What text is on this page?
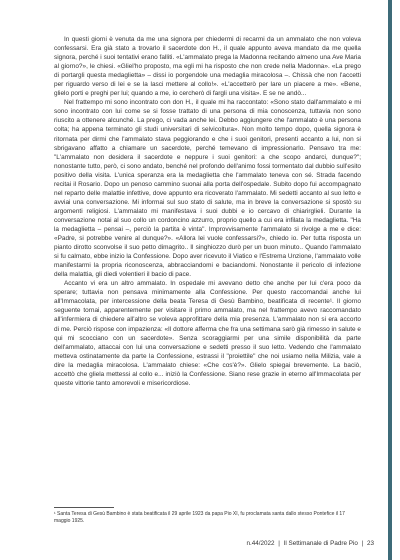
In questi giorni è venuta da me una signora per chiedermi di recarmi da un ammalato che non voleva confessarsi. Era già stato a trovarlo il sacerdote don H., il quale appunto aveva mandato da me quella signora, perché i suoi tentativi erano falliti. «L'ammalato prega la Madonna recitando almeno una Ave Maria al giorno?», le chiesi. «Gliel'ho proposto, ma egli mi ha risposto che non crede nella Madonna». «La prego di portargli questa medaglietta» – dissi io porgendole una medaglia miracolosa –. Chissà che non l'accetti per riguardo verso di lei e se la lasci mettere al collo!». «L'accetterò per lare un piacere a me». «Bene, glielo porti e preghi per lui; quando a me, io cercherò di fargli una visita». E se ne andò...

Nel frattempo mi sono incontrato con don H., il quale mi ha raccontato: «Sono stato dall'ammalato e mi sono incontrato con lui come se si fosse trattato di una persona di mia conoscenza, tuttavia non sono riuscito a ottenere alcunché. La prego, ci vada anche lei. Debbo aggiungere che l'ammalato è una persona colta; ha appena terminato gli studi universitari di selvicoltura». Non molto tempo dopo, quella signora è ritornata per dirmi che l'ammalato stava peggiorando e che i suoi genitori, presenti accanto a lui, non si sbrigavano affatto a chiamare un sacerdote, perché temevano di impressionarlo. Pensavo tra me: "L'ammalato non desidera il sacerdote e neppure i suoi genitori: a che scopo andarci, dunque?"; nonostante tutto, però, ci sono andato, benché nel profondo dell'animo fossi tormentato dal dubbio sull'esito positivo della visita. L'unica speranza era la medaglietta che l'ammalato teneva con sé. Strada facendo recitai il Rosario. Dopo un penoso cammino suonai alla porta dell'ospedale. Subito dopo fui accompagnato nel reparto delle malattie infettive, dove appunto era ricoverato l'ammalato. Mi sedetti accanto al suo letto e avviai una conversazione. Mi informai sul suo stato di salute, ma in breve la conversazione si spostò su argomenti religiosi. L'ammalato mi manifestava i suoi dubbi e io cercavo di chiarirglieli. Durante la conversazione notai al suo collo un cordoncino azzurro, proprio quello a cui era infilata la medaglietta. "Ha la medaglietta – pensai –, perciò la partita è vinta". Improvvisamente l'ammalato si rivolge a me e dice: «Padre, si potrebbe venire al dunque?». «Allora lei vuole confessarsi?», chiedo io. Per tutta risposta un pianto dirotto sconvolse il suo petto dimagrito.. Il singhiozzo durò per un buon minuto.. Quando l'ammalato si fu calmato, ebbe inizio la Confessione. Dopo aver ricevuto il Viatico e l'Estrema Unzione, l'ammalato volle manifestarmi la propria riconoscenza, abbracciandomi e baciandomi. Nonostante il pericolo di infezione della malattia, gli diedi volentieri il bacio di pace.

Accanto vi era un altro ammalato. In ospedale mi avevano detto che anche per lui c'era poco da sperare; tuttavia non pensava minimamente alla Confessione. Per questo raccomandai anche lui all'Immacolata, per intercessione della beata Teresa di Gesù Bambino, beatificata di recente¹. Il giorno seguente tornai, apparentemente per visitare il primo ammalato, ma nel frattempo avevo raccomandato all'infermiera di chiedere all'altro se voleva approfittare della mia presenza. L'ammalato non si era accorto di me. Perciò rispose con impazienza: «Il dottore afferma che fra una settimana sarò già rimesso in salute e qui mi scocciano con un sacerdote». Senza scoraggiarmi per una simile disponibilità da parte dell'ammalato, attaccai con lui una conversazione e sedetti presso il suo letto. Vedendo che l'ammalato metteva ostinatamente da parte la Confessione, estrassi il "proiettile" che noi usiamo nella Milizia, vale a dire la medaglia miracolosa. L'ammalato chiese: «Che cos'è?». Glielo spiegai brevemente. La baciò, accettò che gliela mettessi al collo e... iniziò la Confessione. Siano rese grazie in eterno all'Immacolata per queste vittorie tanto amorevoli e misericordiose.

¹ Santa Teresa di Gesù Bambino è stata beatificata il 29 aprile 1923 da papa Pio XI, fu proclamata santa dallo stesso Pontefice il 17 maggio 1925.

n.44/2022 | Il Settimanale di Padre Pio | 23
